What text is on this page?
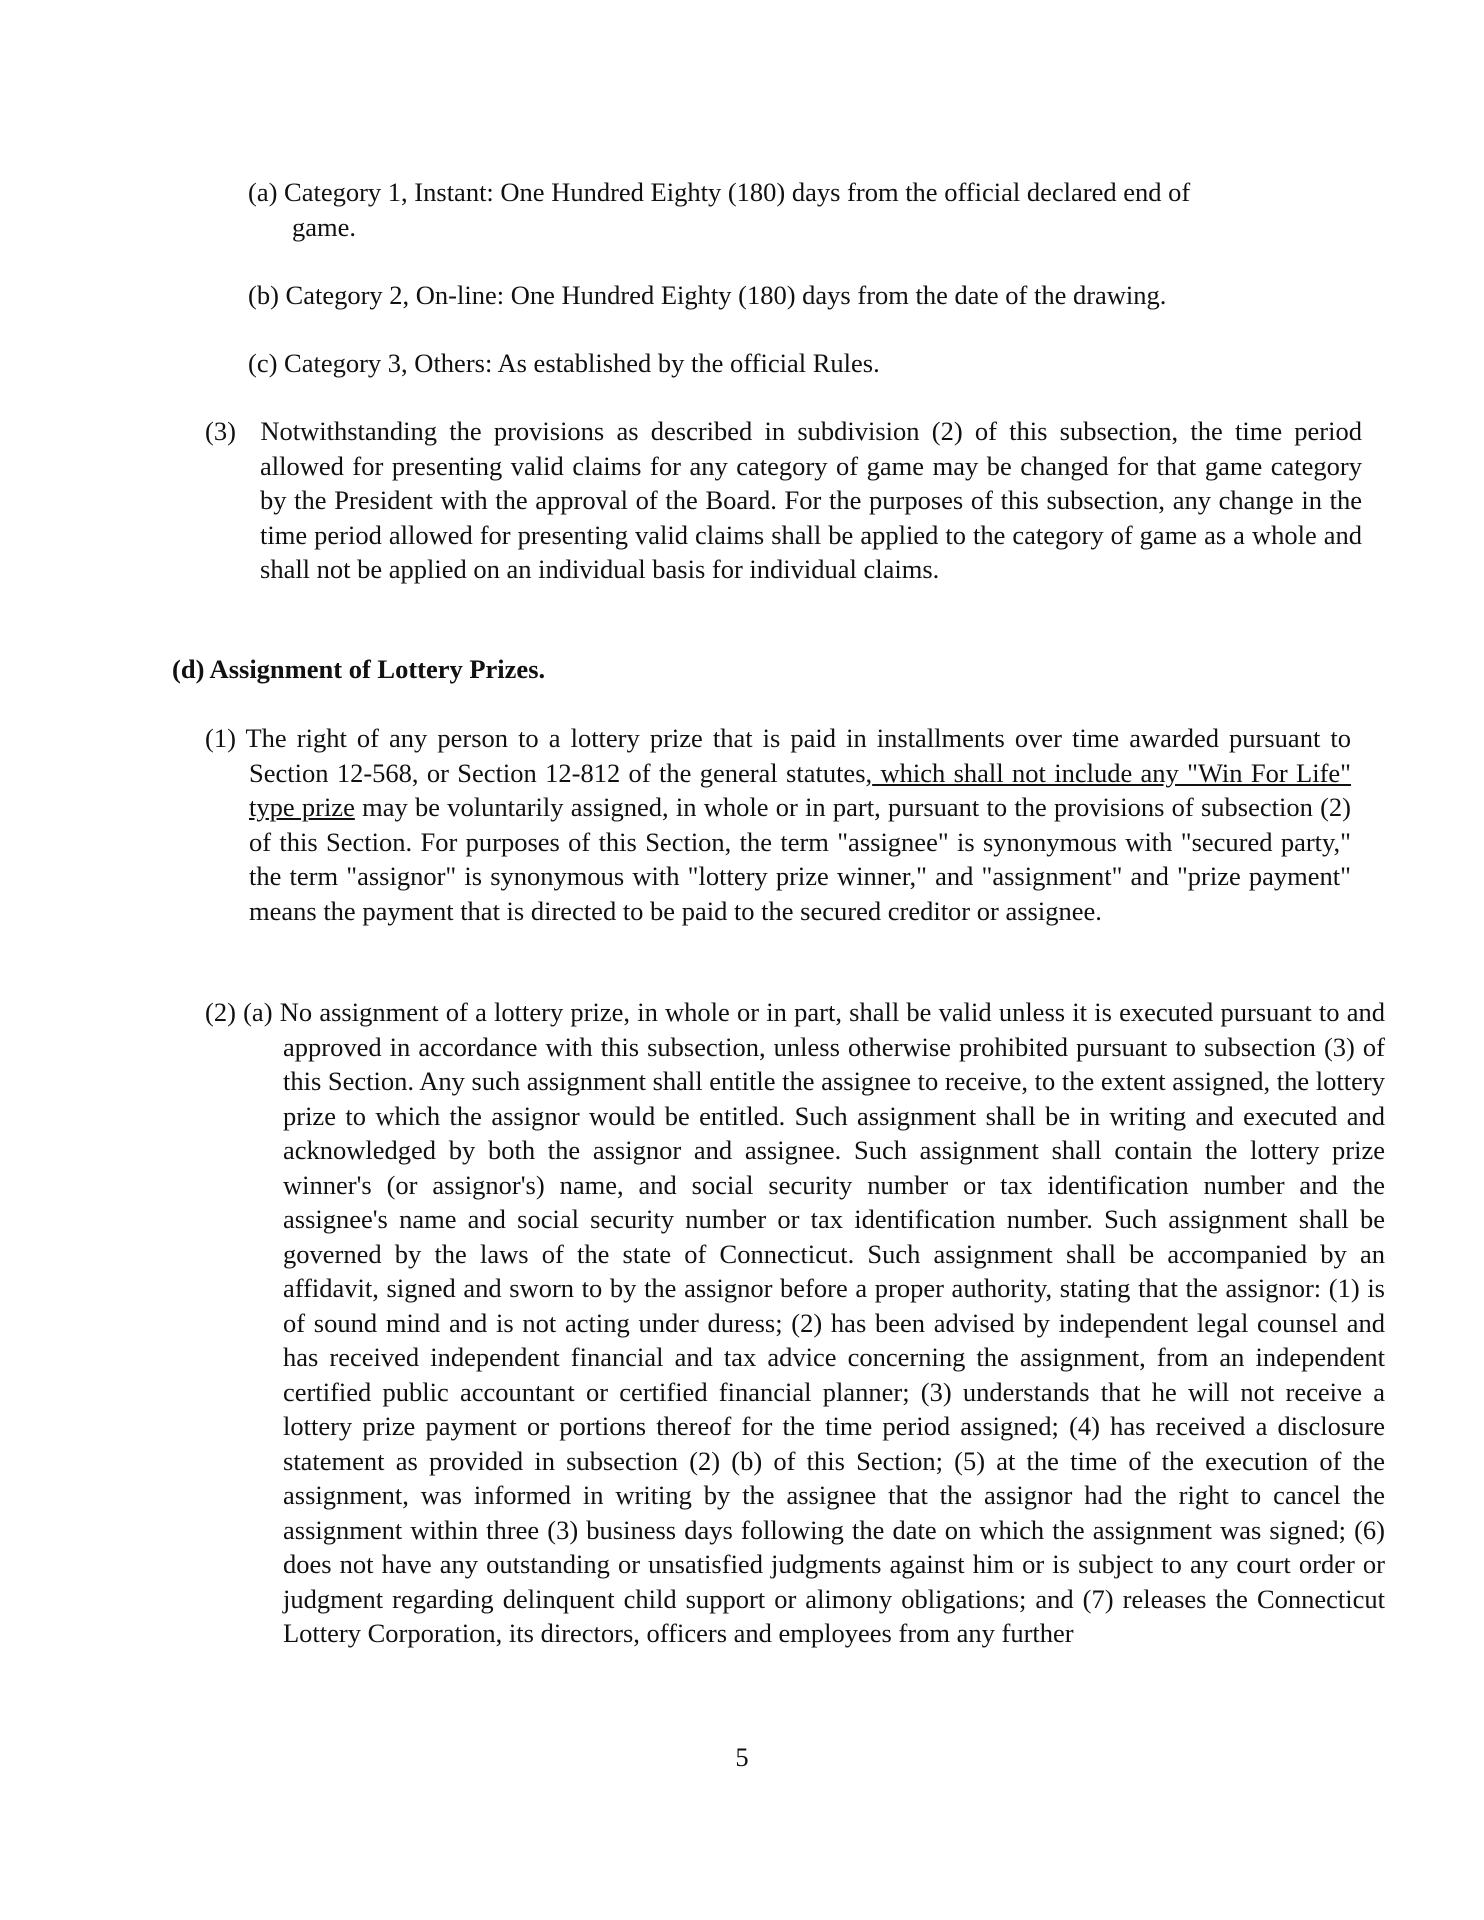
(a) Category 1, Instant: One Hundred Eighty (180) days from the official declared end of
game.

(b) Category 2, On-line: One Hundred Eighty (180) days from the date of the drawing.

(c) Category 3, Others: As established by the official Rules.

(3) Notwithstanding the provisions as described in subdivision (2) of this subsection, the time period allowed for presenting valid claims for any category of game may be changed for that game category by the President with the approval of the Board. For the purposes of this subsection, any change in the time period allowed for presenting valid claims shall be applied to the category of game as a whole and shall not be applied on an individual basis for individual claims.

(d) Assignment of Lottery Prizes.

(1) The right of any person to a lottery prize that is paid in installments over time awarded pursuant to Section 12-568, or Section 12-812 of the general statutes, which shall not include any "Win For Life" type prize may be voluntarily assigned, in whole or in part, pursuant to the provisions of subsection (2) of this Section. For purposes of this Section, the term "assignee" is synonymous with "secured party," the term "assignor" is synonymous with "lottery prize winner," and "assignment" and "prize payment" means the payment that is directed to be paid to the secured creditor or assignee.

(2) (a) No assignment of a lottery prize, in whole or in part, shall be valid unless it is executed pursuant to and approved in accordance with this subsection, unless otherwise prohibited pursuant to subsection (3) of this Section. Any such assignment shall entitle the assignee to receive, to the extent assigned, the lottery prize to which the assignor would be entitled. Such assignment shall be in writing and executed and acknowledged by both the assignor and assignee. Such assignment shall contain the lottery prize winner's (or assignor's) name, and social security number or tax identification number and the assignee's name and social security number or tax identification number. Such assignment shall be governed by the laws of the state of Connecticut. Such assignment shall be accompanied by an affidavit, signed and sworn to by the assignor before a proper authority, stating that the assignor: (1) is of sound mind and is not acting under duress; (2) has been advised by independent legal counsel and has received independent financial and tax advice concerning the assignment, from an independent certified public accountant or certified financial planner; (3) understands that he will not receive a lottery prize payment or portions thereof for the time period assigned; (4) has received a disclosure statement as provided in subsection (2) (b) of this Section; (5) at the time of the execution of the assignment, was informed in writing by the assignee that the assignor had the right to cancel the assignment within three (3) business days following the date on which the assignment was signed; (6) does not have any outstanding or unsatisfied judgments against him or is subject to any court order or judgment regarding delinquent child support or alimony obligations; and (7) releases the Connecticut Lottery Corporation, its directors, officers and employees from any further

5
